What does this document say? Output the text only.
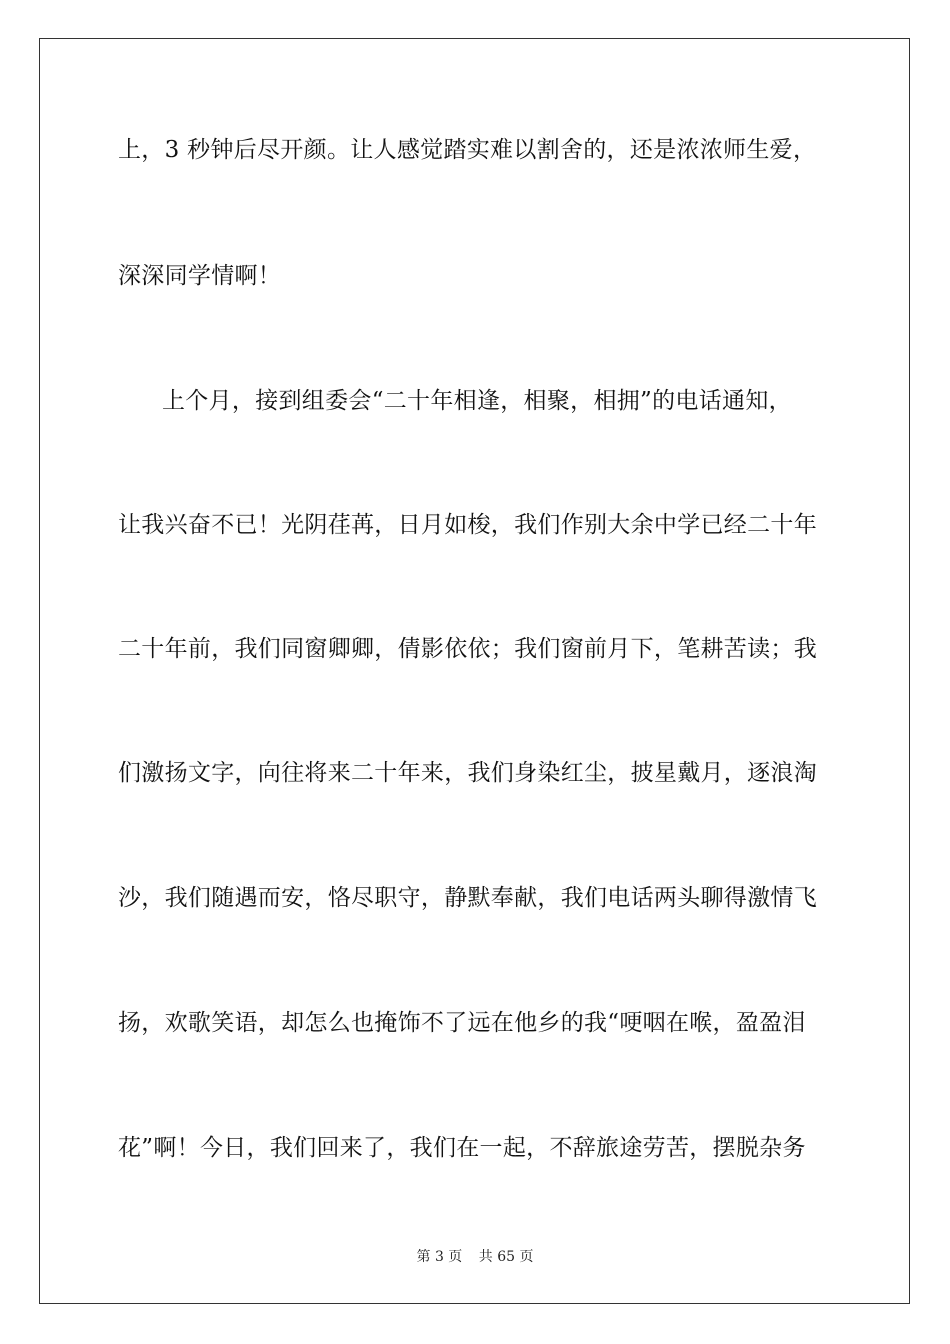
上，3 秒钟后尽开颜。让人感觉踏实难以割舍的，还是浓浓师生爱，
深深同学情啊！
上个月，接到组委会“二十年相逢，相聚，相拥”的电话通知，
让我兴奋不已！光阴荏苒，日月如梭，我们作别大余中学已经二十年
二十年前，我们同窗卿卿，倩影依依；我们窗前月下，笔耕苦读；我
们激扬文字，向往将来二十年来，我们身染红尘，披星戴月，逐浪淘
沙，我们随遇而安，恪尽职守，静默奉献，我们电话两头聊得激情飞
扬，欢歌笑语，却怎么也掩饰不了远在他乡的我“哽咽在喉，盈盈泪
花”啊！今日，我们回来了，我们在一起，不辞旅途劳苦，摆脱杂务
第 3 页 共 65 页
